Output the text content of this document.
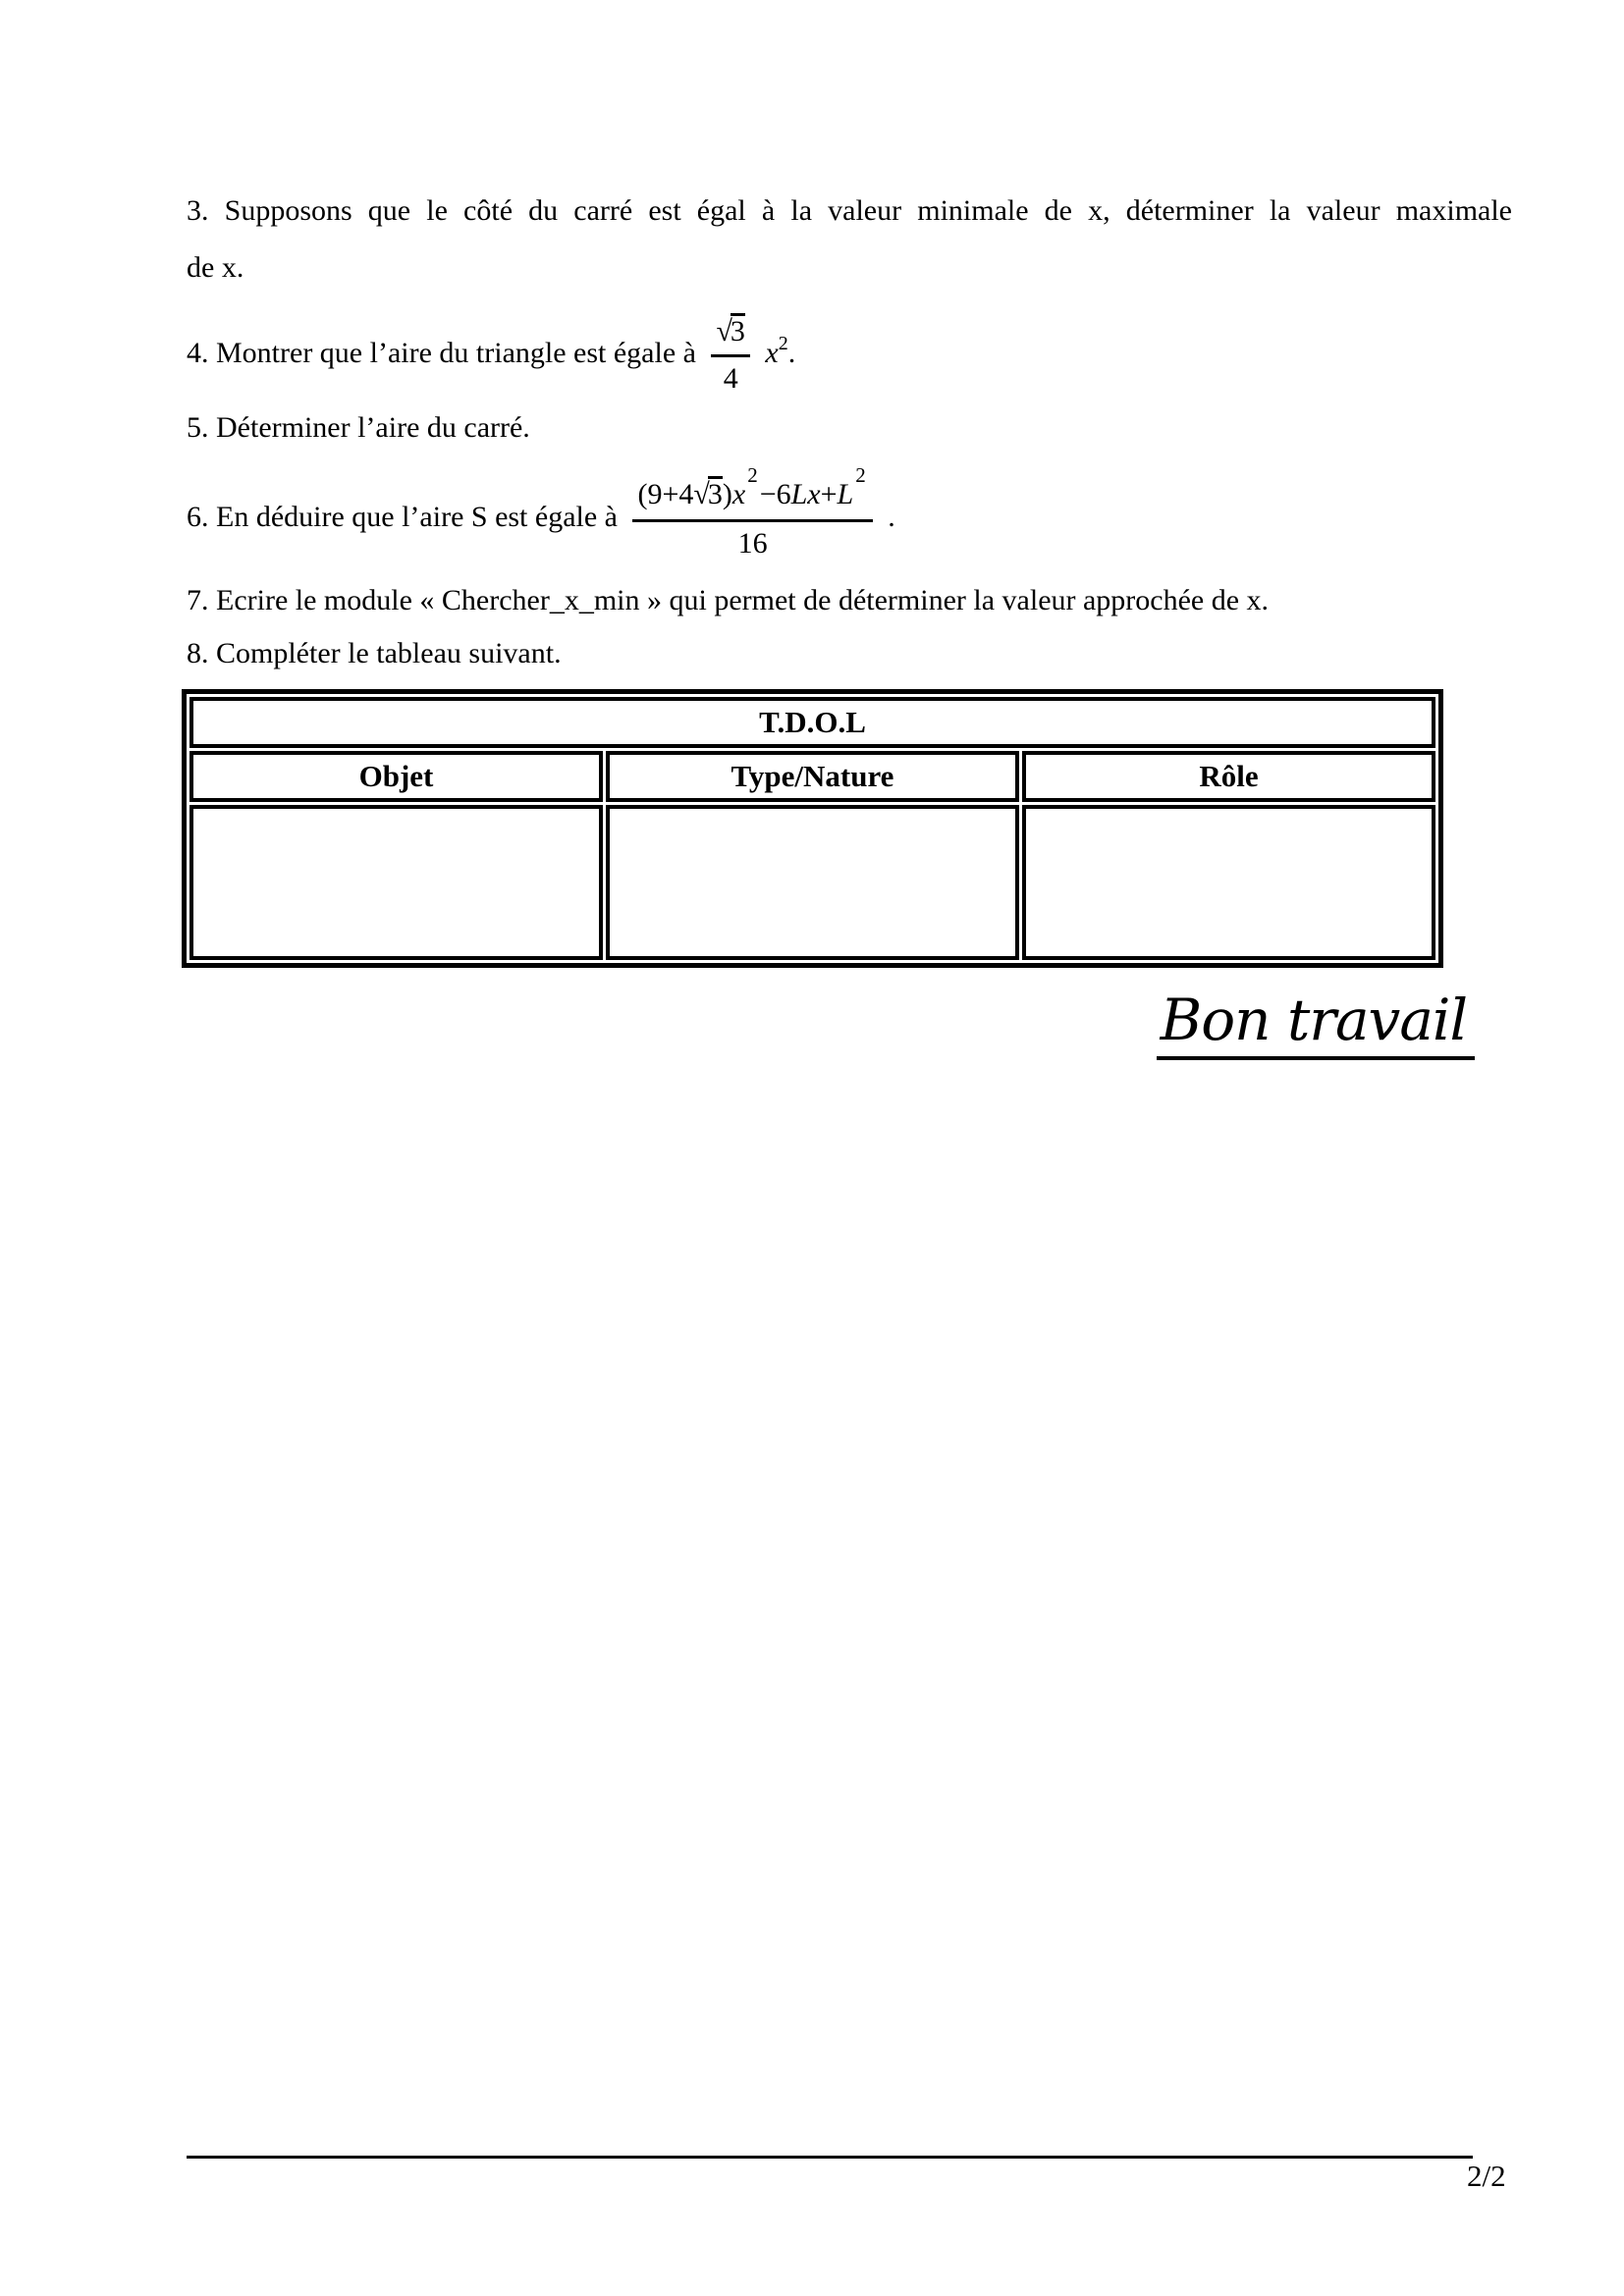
3. Supposons que le côté du carré est égal à la valeur minimale de x, déterminer la valeur maximale
de x.
4. Montrer que l’aire du triangle est égale à $\frac{√3}{4} x^2$.
5. Déterminer l’aire du carré.
6. En déduire que l’aire S est égale à $\frac{(9+4√3)x^2-6Lx+L^2}{16}$ .
7. Ecrire le module « Chercher_x_min » qui permet de déterminer la valeur approchée de x.
8. Compléter le tableau suivant.
T.D.O.L		
Objet	Type/Nature	Rôle

Bon travail
2/2
